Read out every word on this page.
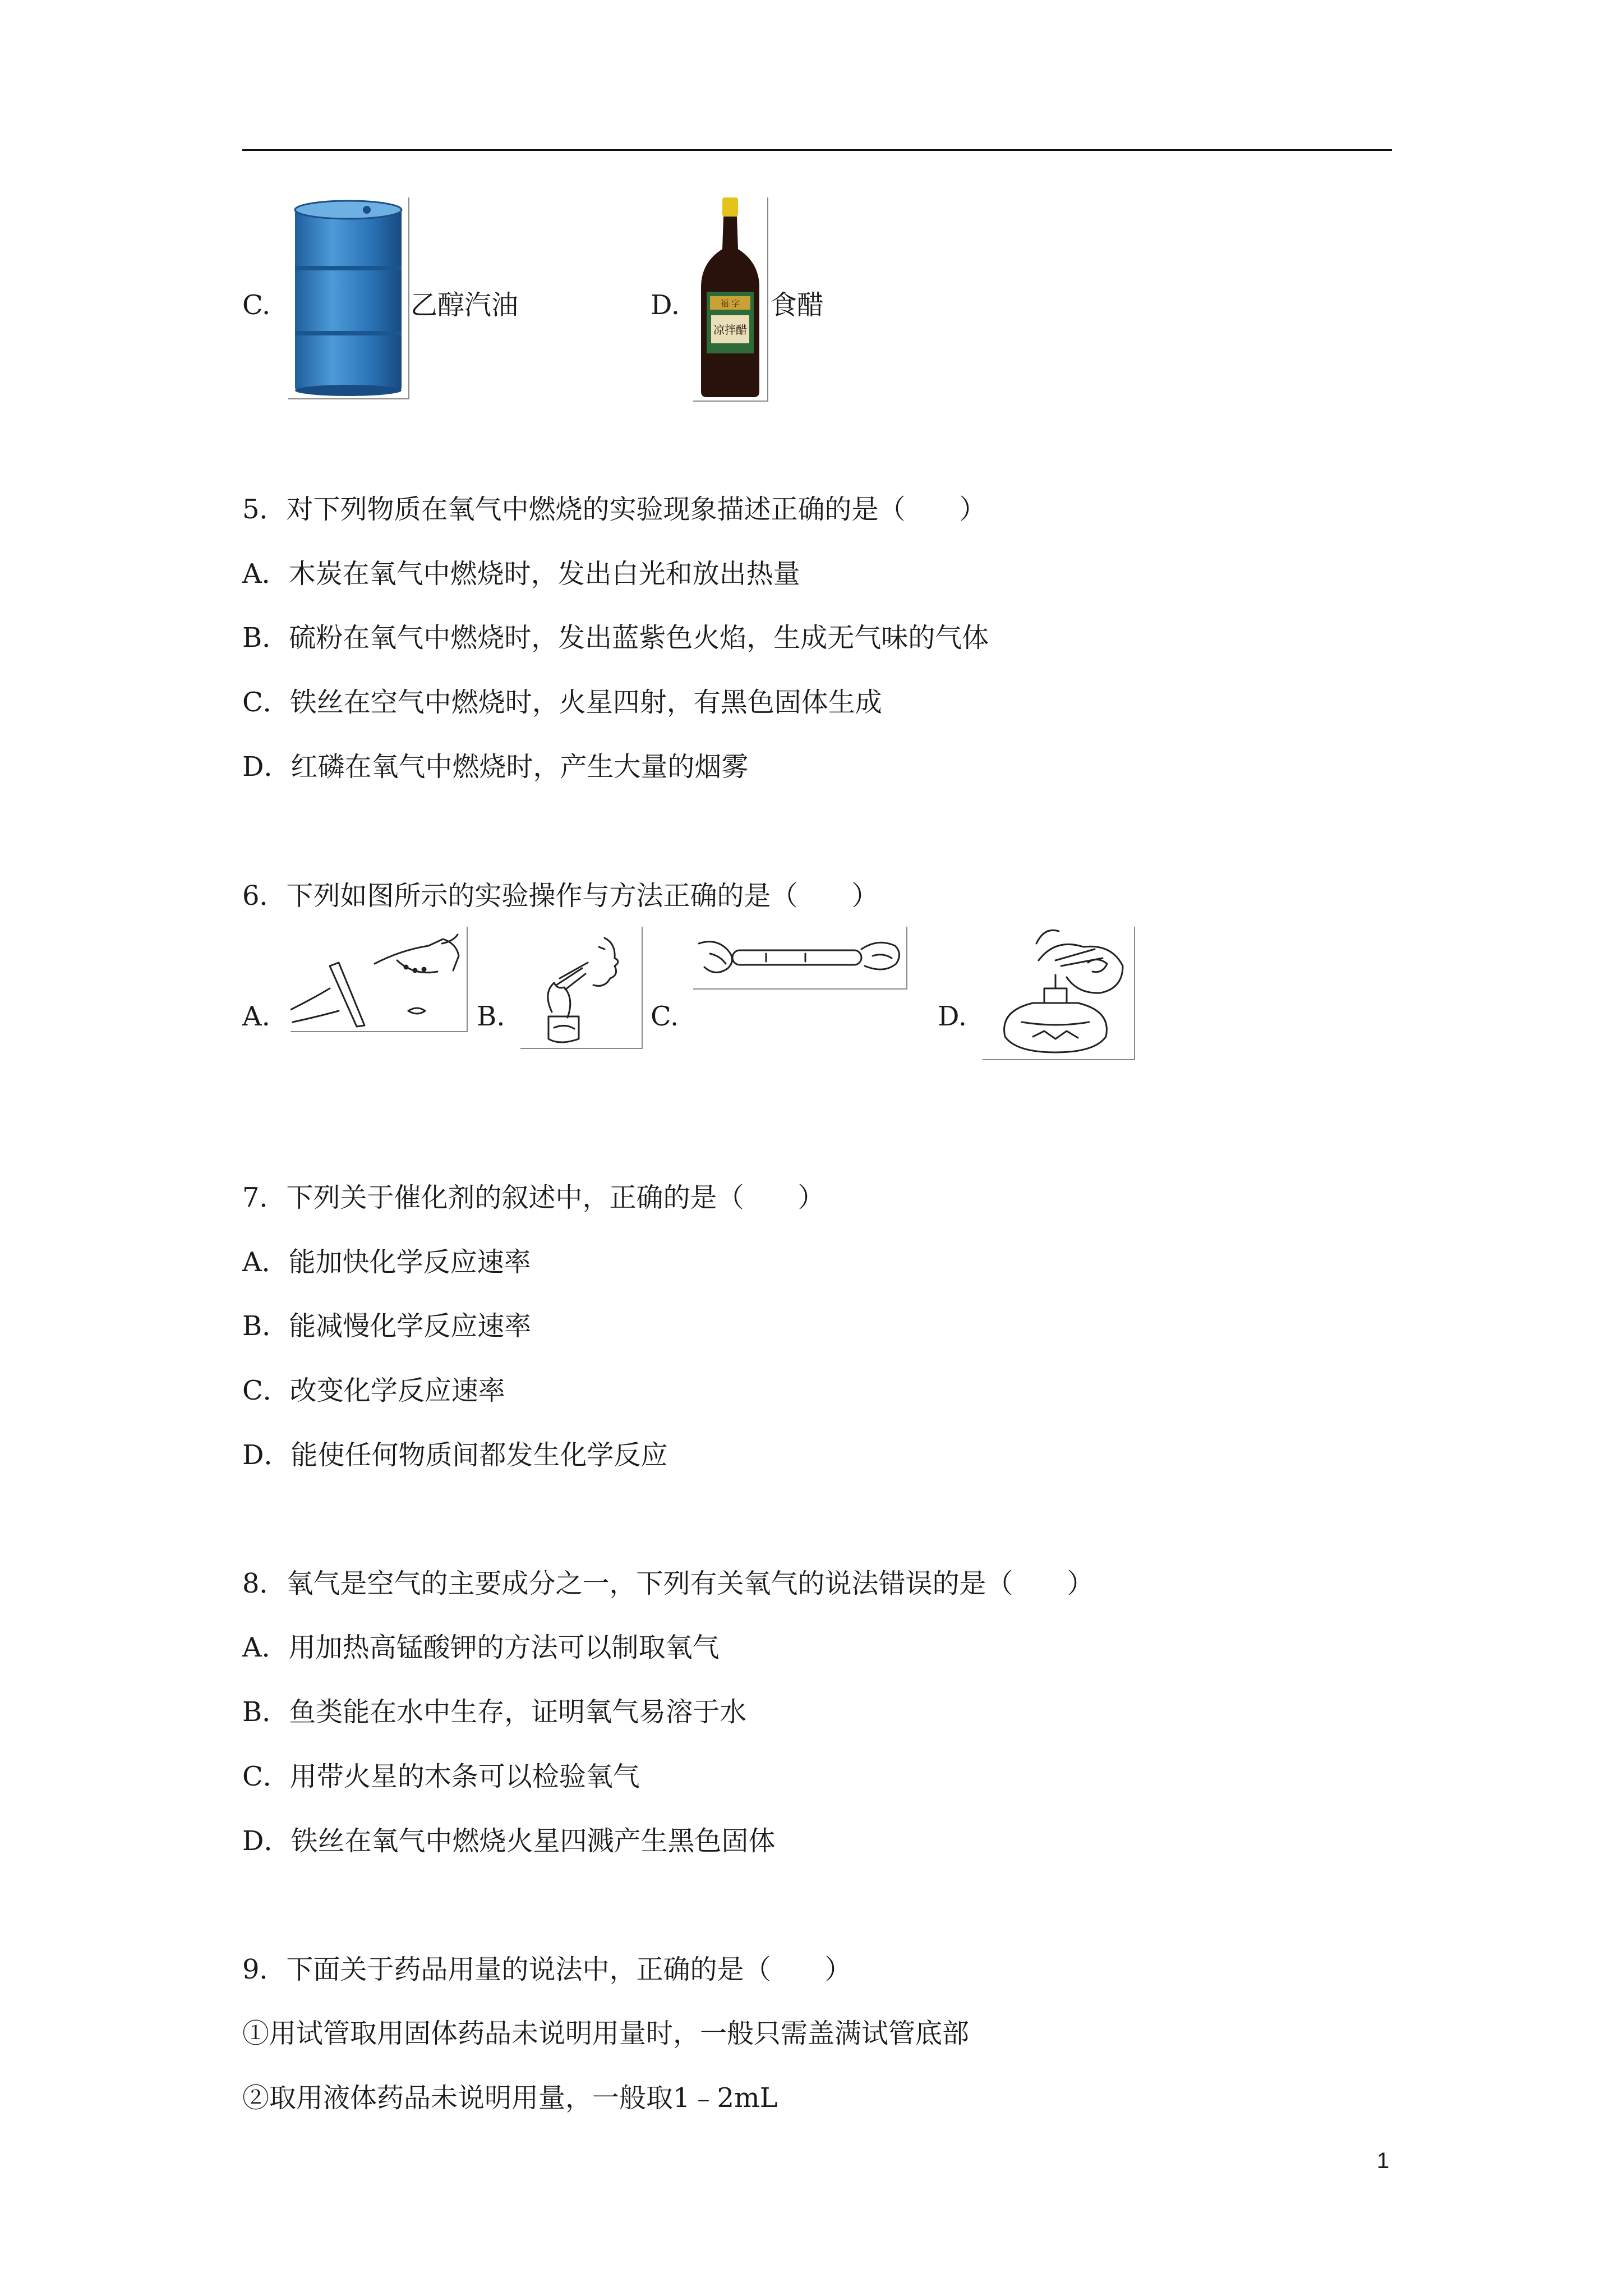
C.	乙醇汽油	D.	福 字
凉拌醋
食醋
5．对下列物质在氧气中燃烧的实验现象描述正确的是（　　）
A．木炭在氧气中燃烧时，发出白光和放出热量
B．硫粉在氧气中燃烧时，发出蓝紫色火焰，生成无气味的气体
C．铁丝在空气中燃烧时，火星四射，有黑色固体生成
D．红磷在氧气中燃烧时，产生大量的烟雾
6．下列如图所示的实验操作与方法正确的是（　　）
A.	B.	C.	D.
7．下列关于催化剂的叙述中，正确的是（　　）
A．能加快化学反应速率
B．能减慢化学反应速率
C．改变化学反应速率
D．能使任何物质间都发生化学反应
8．氧气是空气的主要成分之一，下列有关氧气的说法错误的是（　　）
A．用加热高锰酸钾的方法可以制取氧气
B．鱼类能在水中生存，证明氧气易溶于水
C．用带火星的木条可以检验氧气
D．铁丝在氧气中燃烧火星四溅产生黑色固体
9．下面关于药品用量的说法中，正确的是（　　）
①用试管取用固体药品未说明用量时，一般只需盖满试管底部
②取用液体药品未说明用量，一般取1﹣2mL
1
